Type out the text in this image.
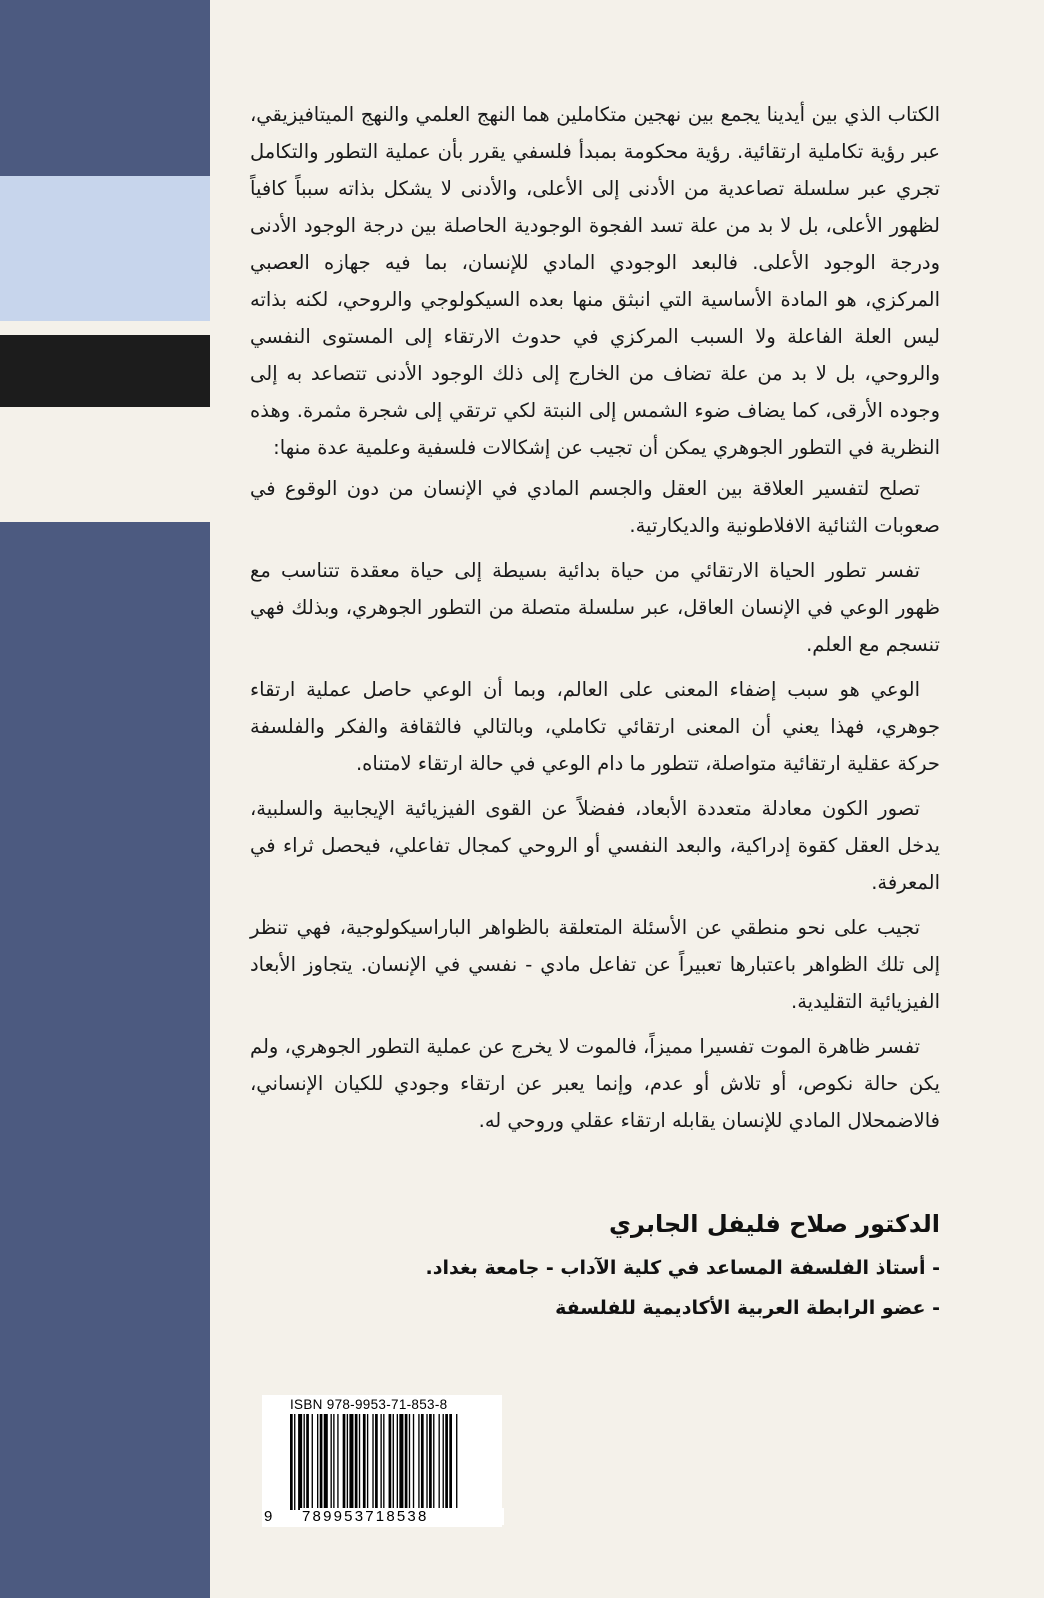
الكتاب الذي بين أيدينا يجمع بين نهجين متكاملين هما النهج العلمي والنهج الميتافيزيقي، عبر رؤية تكاملية ارتقائية. رؤية محكومة بمبدأ فلسفي يقرر بأن عملية التطور والتكامل تجري عبر سلسلة تصاعدية من الأدنى إلى الأعلى، والأدنى لا يشكل بذاته سبباً كافياً لظهور الأعلى، بل لا بد من علة تسد الفجوة الوجودية الحاصلة بين درجة الوجود الأدنى ودرجة الوجود الأعلى. فالبعد الوجودي المادي للإنسان، بما فيه جهازه العصبي المركزي، هو المادة الأساسية التي انبثق منها بعده السيكولوجي والروحي، لكنه بذاته ليس العلة الفاعلة ولا السبب المركزي في حدوث الارتقاء إلى المستوى النفسي والروحي، بل لا بد من علة تضاف من الخارج إلى ذلك الوجود الأدنى تتصاعد به إلى وجوده الأرقى، كما يضاف ضوء الشمس إلى النبتة لكي ترتقي إلى شجرة مثمرة. وهذه النظرية في التطور الجوهري يمكن أن تجيب عن إشكالات فلسفية وعلمية عدة منها:

تصلح لتفسير العلاقة بين العقل والجسم المادي في الإنسان من دون الوقوع في صعوبات الثنائية الافلاطونية والديكارتية.

تفسر تطور الحياة الارتقائي من حياة بدائية بسيطة إلى حياة معقدة تتناسب مع ظهور الوعي في الإنسان العاقل، عبر سلسلة متصلة من التطور الجوهري، وبذلك فهي تنسجم مع العلم.

الوعي هو سبب إضفاء المعنى على العالم، وبما أن الوعي حاصل عملية ارتقاء جوهري، فهذا يعني أن المعنى ارتقائي تكاملي، وبالتالي فالثقافة والفكر والفلسفة حركة عقلية ارتقائية متواصلة، تتطور ما دام الوعي في حالة ارتقاء لامتناه.

تصور الكون معادلة متعددة الأبعاد، ففضلاً عن القوى الفيزيائية الإيجابية والسلبية، يدخل العقل كقوة إدراكية، والبعد النفسي أو الروحي كمجال تفاعلي، فيحصل ثراء في المعرفة.

تجيب على نحو منطقي عن الأسئلة المتعلقة بالظواهر الباراسيكولوجية، فهي تنظر إلى تلك الظواهر باعتبارها تعبيراً عن تفاعل مادي - نفسي في الإنسان. يتجاوز الأبعاد الفيزيائية التقليدية.

تفسر ظاهرة الموت تفسيرا مميزاً، فالموت لا يخرج عن عملية التطور الجوهري، ولم يكن حالة نكوص، أو تلاش أو عدم، وإنما يعبر عن ارتقاء وجودي للكيان الإنساني، فالاضمحلال المادي للإنسان يقابله ارتقاء عقلي وروحي له.

الدكتور صلاح فليفل الجابري
- أستاذ الفلسفة المساعد في كلية الآداب - جامعة بغداد.
- عضو الرابطة العربية الأكاديمية للفلسفة
ISBN 978-9953-71-853-8
9 789953718538
